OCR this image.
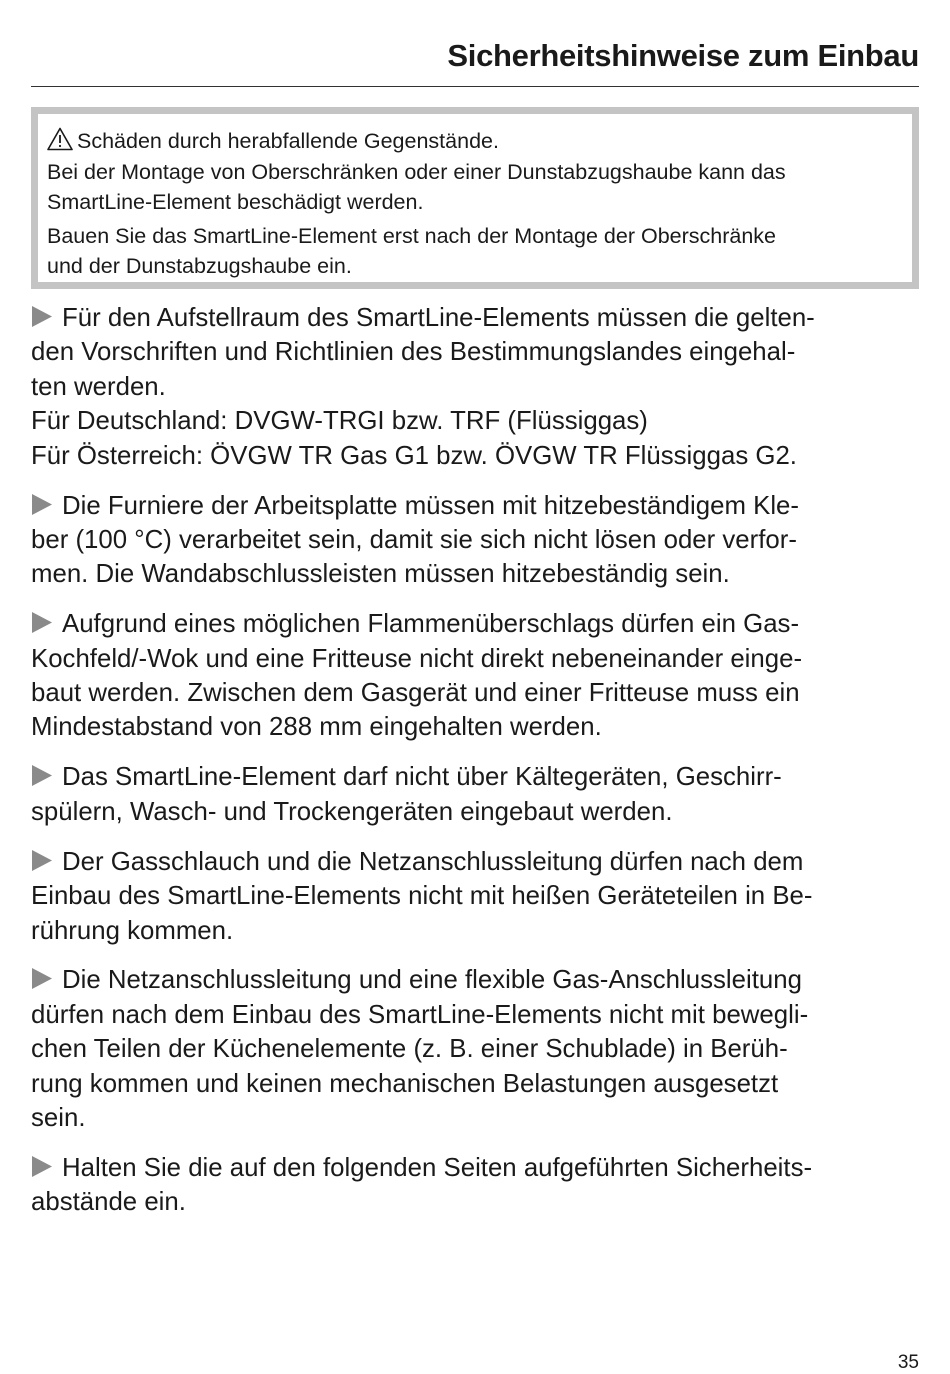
Sicherheitshinweise zum Einbau

Schäden durch herabfallende Gegenstände.

Bei der Montage von Oberschränken oder einer Dunstabzugshaube kann das

SmartLine-Element beschädigt werden.

Bauen Sie das SmartLine-Element erst nach der Montage der Oberschränke

und der Dunstabzugshaube ein.

Für den Aufstellraum des SmartLine-Elements müssen die gelten-
den Vorschriften und Richtlinien des Bestimmungslandes eingehal-
ten werden.
Für Deutschland: DVGW-TRGI bzw. TRF (Flüssiggas)
Für Österreich: ÖVGW TR Gas G1 bzw. ÖVGW TR Flüssiggas G2.
Die Furniere der Arbeitsplatte müssen mit hitzebeständigem Kle-
ber (100 °C) verarbeitet sein, damit sie sich nicht lösen oder verfor-
men. Die Wandabschlussleisten müssen hitzebeständig sein.
Aufgrund eines möglichen Flammenüberschlags dürfen ein Gas-
Kochfeld/-Wok und eine Fritteuse nicht direkt nebeneinander einge-
baut werden. Zwischen dem Gasgerät und einer Fritteuse muss ein
Mindestabstand von 288 mm eingehalten werden.
Das SmartLine-Element darf nicht über Kältegeräten, Geschirr-
spülern, Wasch- und Trockengeräten eingebaut werden.
Der Gasschlauch und die Netzanschlussleitung dürfen nach dem
Einbau des SmartLine-Elements nicht mit heißen Geräteteilen in Be-
rührung kommen.
Die Netzanschlussleitung und eine flexible Gas-Anschlussleitung
dürfen nach dem Einbau des SmartLine-Elements nicht mit bewegli-
chen Teilen der Küchenelemente (z. B. einer Schublade) in Berüh-
rung kommen und keinen mechanischen Belastungen ausgesetzt
sein.
Halten Sie die auf den folgenden Seiten aufgeführten Sicherheits-
abstände ein.
35
